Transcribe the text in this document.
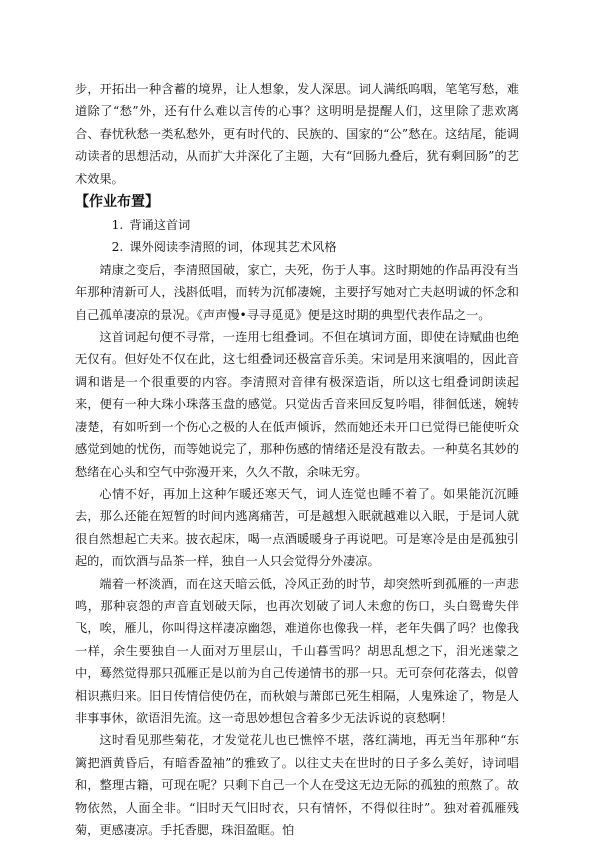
步，开拓出一种含蓄的境界，让人想象，发人深思。词人满纸呜咽，笔笔写愁，难道除了“愁”外，还有什么难以言传的心事？这明明是提醒人们，这里除了悲欢离合、春忧秋愁一类私愁外，更有时代的、民族的、国家的“公”愁在。这结尾，能调动读者的思想活动，从而扩大并深化了主题，大有“回肠九叠后，犹有剩回肠”的艺术效果。

【作业布置】
1. 背诵这首词
2. 课外阅读李清照的词，体现其艺术风格

靖康之变后，李清照国破，家亡，夫死，伤于人事。这时期她的作品再没有当年那种清新可人，浅斟低唱，而转为沉郁凄婉，主要抒写她对亡夫赵明诚的怀念和自己孤单凄凉的景况。《声声慢•寻寻觅觅》便是这时期的典型代表作品之一。

这首词起句便不寻常，一连用七组叠词。不但在填词方面，即使在诗赋曲也绝无仅有。但好处不仅在此，这七组叠词还极富音乐美。宋词是用来演唱的，因此音调和谐是一个很重要的内容。李清照对音律有极深造诣，所以这七组叠词朗读起来，便有一种大珠小珠落玉盘的感觉。只觉齿舌音来回反复吟唱，徘徊低迷，婉转凄楚，有如听到一个伤心之极的人在低声倾诉，然而她还未开口已觉得已能使听众感觉到她的忧伤，而等她说完了，那种伤感的情绪还是没有散去。一种莫名其妙的愁绪在心头和空气中弥漫开来，久久不散，余味无穷。

心情不好，再加上这种乍暖还寒天气，词人连觉也睡不着了。如果能沉沉睡去，那么还能在短暂的时间内逃离痛苦，可是越想入眠就越难以入眠，于是词人就很自然想起亡夫来。披衣起床，喝一点酒暖暖身子再说吧。可是寒冷是由是孤独引起的，而饮酒与品茶一样，独自一人只会觉得分外凄凉。

端着一杯淡酒，而在这天暗云低，冷风正劲的时节，却突然听到孤雁的一声悲鸣，那种哀怨的声音直划破天际，也再次划破了词人未愈的伤口，头白鸳鸯失伴飞，唉，雁儿，你叫得这样凄凉幽怨，难道你也像我一样，老年失偶了吗？也像我一样，余生要独自一人面对万里层山，千山暮雪吗？胡思乱想之下，泪光迷蒙之中，蓦然觉得那只孤雁正是以前为自己传递情书的那一只。无可奈何花落去，似曾相识燕归来。旧日传情信使仍在，而秋娘与萧郎已死生相隔，人鬼殊途了，物是人非事事休，欲语泪先流。这一奇思妙想包含着多少无法诉说的哀愁啊！

这时看见那些菊花，才发觉花儿也已憔悴不堪，落红满地，再无当年那种“东篱把酒黄昏后，有暗香盈袖”的雅致了。以往丈夫在世时的日子多么美好，诗词唱和，整理古籍，可现在呢？只剩下自己一个人在受这无边无际的孤独的煎熬了。故物依然，人面全非。“旧时天气旧时衣，只有情怀，不得似往时”。独对着孤雁残菊，更感凄凉。手托香腮，珠泪盈眶。怕
